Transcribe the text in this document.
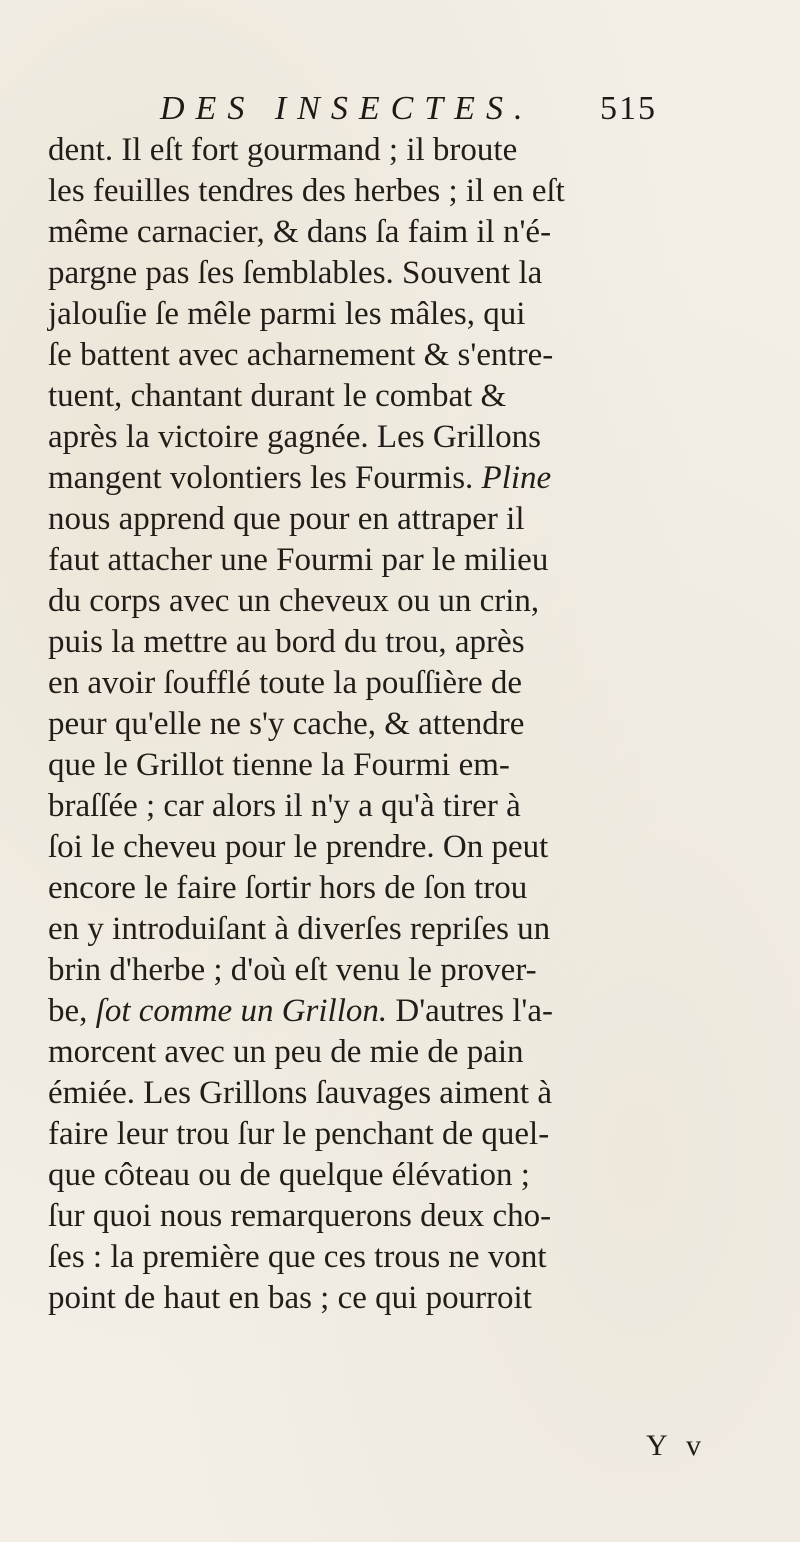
DES INSECTES. 515
dent. Il eſt fort gourmand ; il broute
les feuilles tendres des herbes ; il en eſt
même carnacier, & dans ſa faim il n'é-
pargne pas ſes ſemblables. Souvent la
jalouſie ſe mêle parmi les mâles, qui
ſe battent avec acharnement & s'entre-
tuent, chantant durant le combat &
après la victoire gagnée. Les Grillons
mangent volontiers les Fourmis. Pline
nous apprend que pour en attraper il
faut attacher une Fourmi par le milieu
du corps avec un cheveux ou un crin,
puis la mettre au bord du trou, après
en avoir ſoufflé toute la pouſſière de
peur qu'elle ne s'y cache, & attendre
que le Grillot tienne la Fourmi em-
braſſée ; car alors il n'y a qu'à tirer à
ſoi le cheveu pour le prendre. On peut
encore le faire ſortir hors de ſon trou
en y introduiſant à diverſes repriſes un
brin d'herbe ; d'où eſt venu le prover-
be, ſot comme un Grillon. D'autres l'a-
morcent avec un peu de mie de pain
émiée. Les Grillons ſauvages aiment à
faire leur trou ſur le penchant de quel-
que côteau ou de quelque élévation ;
ſur quoi nous remarquerons deux cho-
ſes : la première que ces trous ne vont
point de haut en bas ; ce qui pourroit
Y v
